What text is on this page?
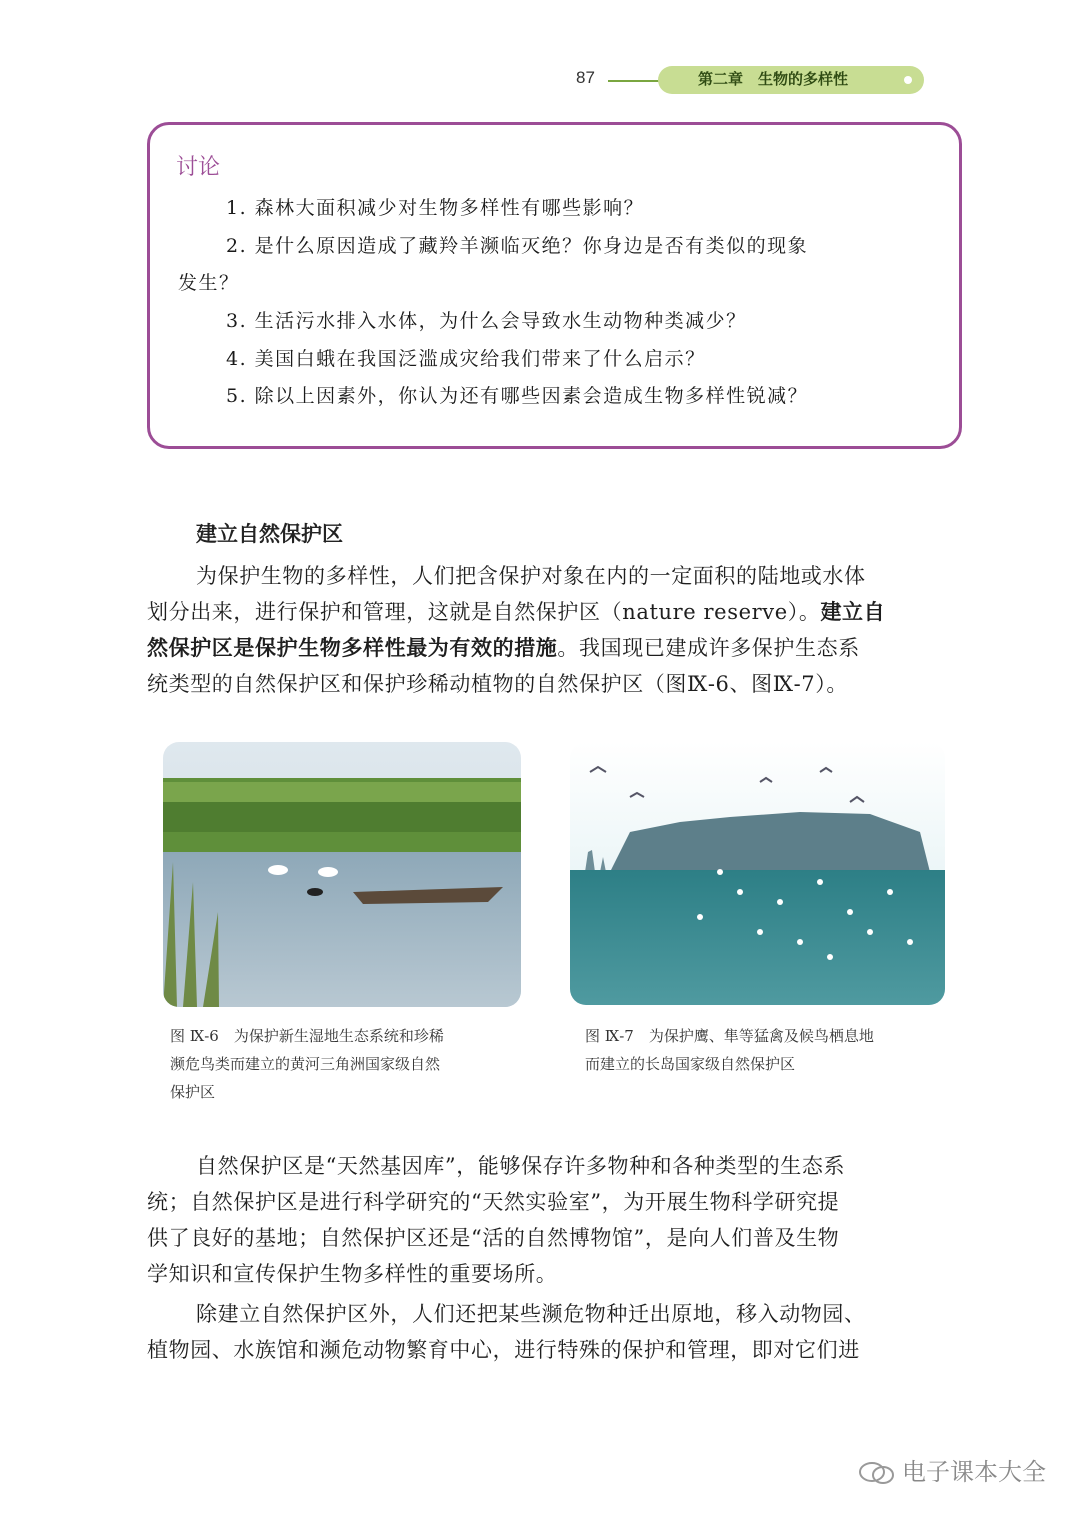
87	第二章　生物的多样性
讨论
1. 森林大面积减少对生物多样性有哪些影响？
2. 是什么原因造成了藏羚羊濒临灭绝？你身边是否有类似的现象
发生？
3. 生活污水排入水体，为什么会导致水生动物种类减少？
4. 美国白蛾在我国泛滥成灾给我们带来了什么启示？
5. 除以上因素外，你认为还有哪些因素会造成生物多样性锐减？
建立自然保护区
为保护生物的多样性，人们把含保护对象在内的一定面积的陆地或水体
划分出来，进行保护和管理，这就是自然保护区（nature reserve）。建立自
然保护区是保护生物多样性最为有效的措施。我国现已建成许多保护生态系
统类型的自然保护区和保护珍稀动植物的自然保护区（图Ⅸ-6、图Ⅸ-7）。
图 Ⅸ-6　为保护新生湿地生态系统和珍稀
濒危鸟类而建立的黄河三角洲国家级自然
保护区
图 Ⅸ-7　为保护鹰、隼等猛禽及候鸟栖息地
而建立的长岛国家级自然保护区
自然保护区是“天然基因库”，能够保存许多物种和各种类型的生态系
统；自然保护区是进行科学研究的“天然实验室”，为开展生物科学研究提
供了良好的基地；自然保护区还是“活的自然博物馆”，是向人们普及生物
学知识和宣传保护生物多样性的重要场所。
除建立自然保护区外，人们还把某些濒危物种迁出原地，移入动物园、
植物园、水族馆和濒危动物繁育中心，进行特殊的保护和管理，即对它们进
电子课本大全
